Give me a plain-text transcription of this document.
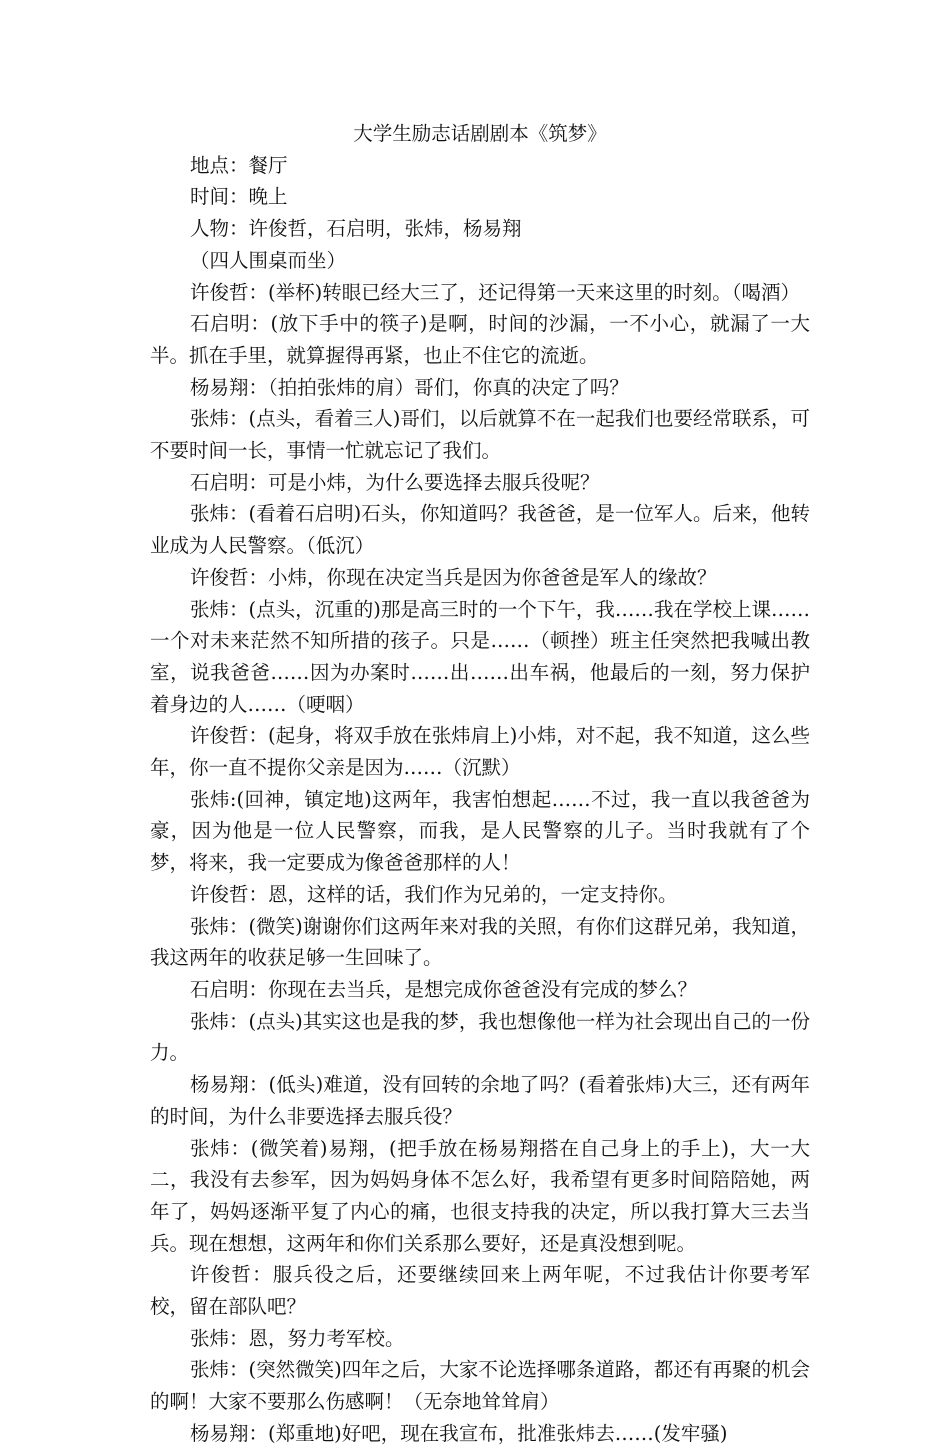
大学生励志话剧剧本《筑梦》

地点：餐厅

时间：晚上

人物：许俊哲，石启明，张炜，杨易翔

（四人围桌而坐）

许俊哲：(举杯)转眼已经大三了，还记得第一天来这里的时刻。（喝酒）

石启明：(放下手中的筷子)是啊，时间的沙漏，一不小心，就漏了一大半。抓在手里，就算握得再紧，也止不住它的流逝。

杨易翔：（拍拍张炜的肩）哥们，你真的决定了吗？

张炜：(点头，看着三人)哥们，以后就算不在一起我们也要经常联系，可不要时间一长，事情一忙就忘记了我们。

石启明：可是小炜，为什么要选择去服兵役呢？

张炜：(看着石启明)石头，你知道吗？我爸爸，是一位军人。后来，他转业成为人民警察。（低沉）

许俊哲：小炜，你现在决定当兵是因为你爸爸是军人的缘故？

张炜：(点头，沉重的)那是高三时的一个下午，我……我在学校上课……一个对未来茫然不知所措的孩子。只是……（顿挫）班主任突然把我喊出教室，说我爸爸……因为办案时……出……出车祸，他最后的一刻，努力保护着身边的人……（哽咽）

许俊哲：(起身，将双手放在张炜肩上)小炜，对不起，我不知道，这么些年，你一直不提你父亲是因为……（沉默）

张炜:(回神，镇定地)这两年，我害怕想起……不过，我一直以我爸爸为豪，因为他是一位人民警察，而我，是人民警察的儿子。当时我就有了个梦，将来，我一定要成为像爸爸那样的人！

许俊哲：恩，这样的话，我们作为兄弟的，一定支持你。

张炜：(微笑)谢谢你们这两年来对我的关照，有你们这群兄弟，我知道，我这两年的收获足够一生回味了。

石启明：你现在去当兵，是想完成你爸爸没有完成的梦么？

张炜：(点头)其实这也是我的梦，我也想像他一样为社会现出自己的一份力。

杨易翔：(低头)难道，没有回转的余地了吗？(看着张炜)大三，还有两年的时间，为什么非要选择去服兵役？

张炜：(微笑着)易翔，(把手放在杨易翔搭在自己身上的手上)，大一大二，我没有去参军，因为妈妈身体不怎么好，我希望有更多时间陪陪她，两年了，妈妈逐渐平复了内心的痛，也很支持我的决定，所以我打算大三去当兵。现在想想，这两年和你们关系那么要好，还是真没想到呢。

许俊哲：服兵役之后，还要继续回来上两年呢，不过我估计你要考军校，留在部队吧？

张炜：恩，努力考军校。

张炜：(突然微笑)四年之后，大家不论选择哪条道路，都还有再聚的机会的啊！大家不要那么伤感啊！（无奈地耸耸肩）

杨易翔：(郑重地)好吧，现在我宣布，批准张炜去……(发牢骚)
